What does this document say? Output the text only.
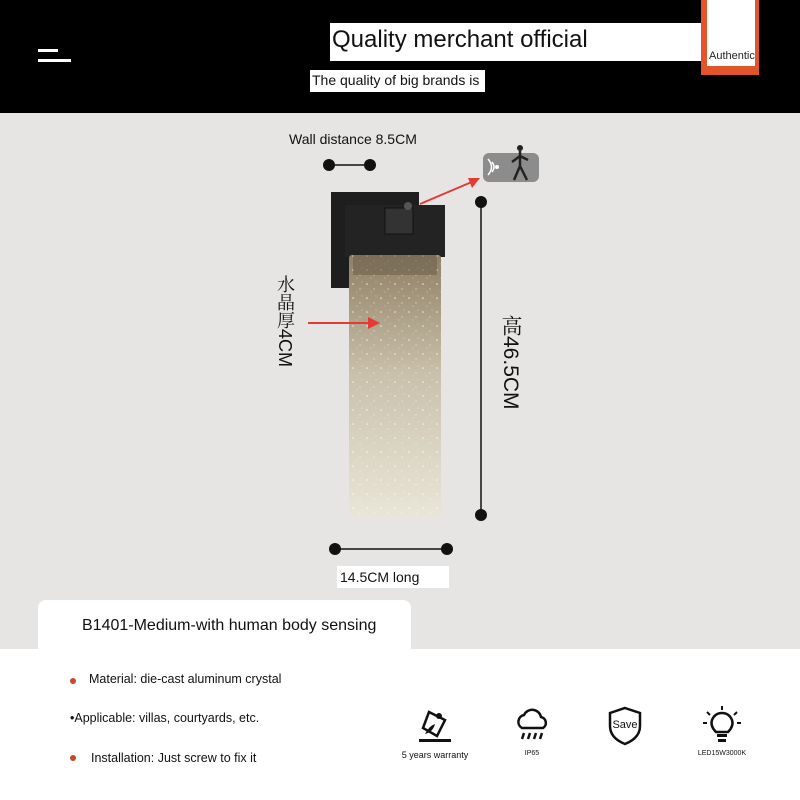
Quality merchant official
The quality of big brands is
Authentic
Wall distance 8.5CM
水晶厚4CM	高46.5CM
14.5CM long
B1401-Medium-with human body sensing
Material: die-cast aluminum crystal
•Applicable: villas, courtyards, etc.
Installation: Just screw to fix it	5 years warranty	IP65
Save
LED15W3000K
